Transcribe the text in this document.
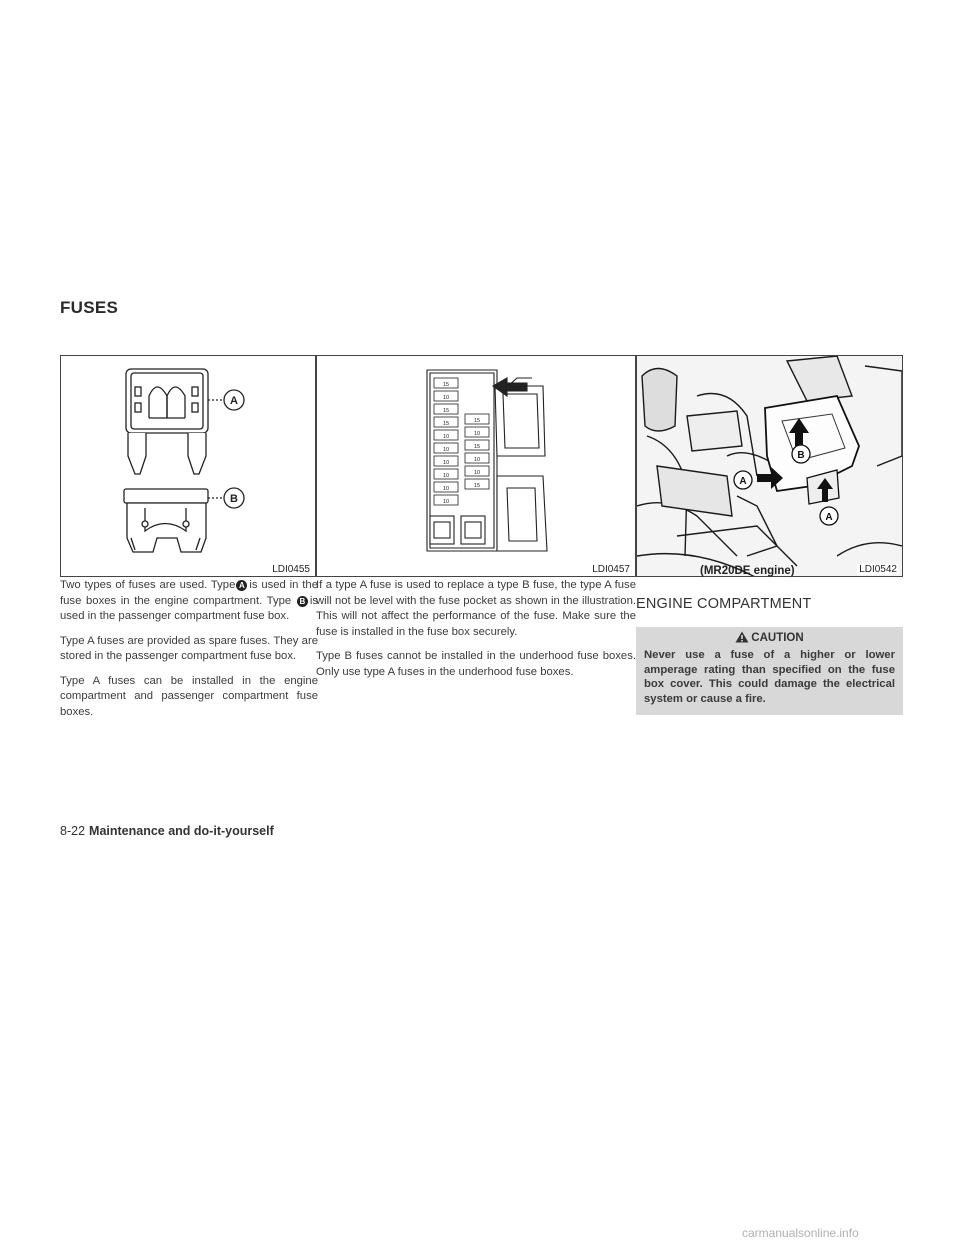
FUSES
A
B
LDI0455
15
10
15
15
10
10
10
10
10
10
15
10
15
10
10
15
LDI0457
B
A
A
LDI0542

Two types of fuses are used. Type A is used in the fuse boxes in the engine compartment. Type B is used in the passenger compartment fuse box.

Type A fuses are provided as spare fuses. They are stored in the passenger compartment fuse box.

Type A fuses can be installed in the engine compartment and passenger compartment fuse boxes.

If a type A fuse is used to replace a type B fuse, the type A fuse will not be level with the fuse pocket as shown in the illustration. This will not affect the performance of the fuse. Make sure the fuse is installed in the fuse box securely.

Type B fuses cannot be installed in the underhood fuse boxes. Only use type A fuses in the underhood fuse boxes.

(MR20DE engine)
ENGINE COMPARTMENT
CAUTION
Never use a fuse of a higher or lower amperage rating than specified on the fuse box cover. This could damage the electrical system or cause a fire.
8-22 Maintenance and do-it-yourself
carmanualsonline.info
